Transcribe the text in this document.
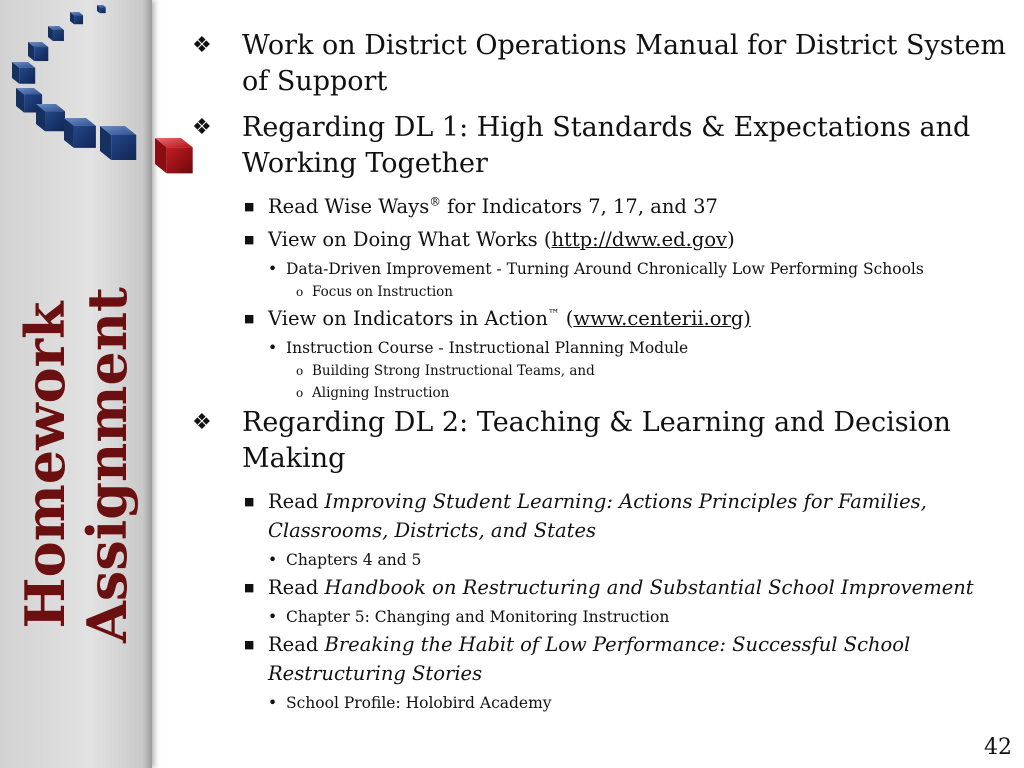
Homework
Assignment
❖ Work on District Operations Manual for District System of Support
❖ Regarding DL 1: High Standards & Expectations and Working Together
■ Read Wise Ways® for Indicators 7, 17, and 37
■ View on Doing What Works (http://dww.ed.gov)
• Data-Driven Improvement - Turning Around Chronically Low Performing Schools
o Focus on Instruction
■ View on Indicators in Action™ (www.centerii.org)
• Instruction Course - Instructional Planning Module
o Building Strong Instructional Teams, and
o Aligning Instruction
❖ Regarding DL 2: Teaching & Learning and Decision Making
■ Read Improving Student Learning: Actions Principles for Families, Classrooms, Districts, and States
• Chapters 4 and 5
■ Read Handbook on Restructuring and Substantial School Improvement
• Chapter 5: Changing and Monitoring Instruction
■ Read Breaking the Habit of Low Performance: Successful School Restructuring Stories
• School Profile: Holobird Academy
42
